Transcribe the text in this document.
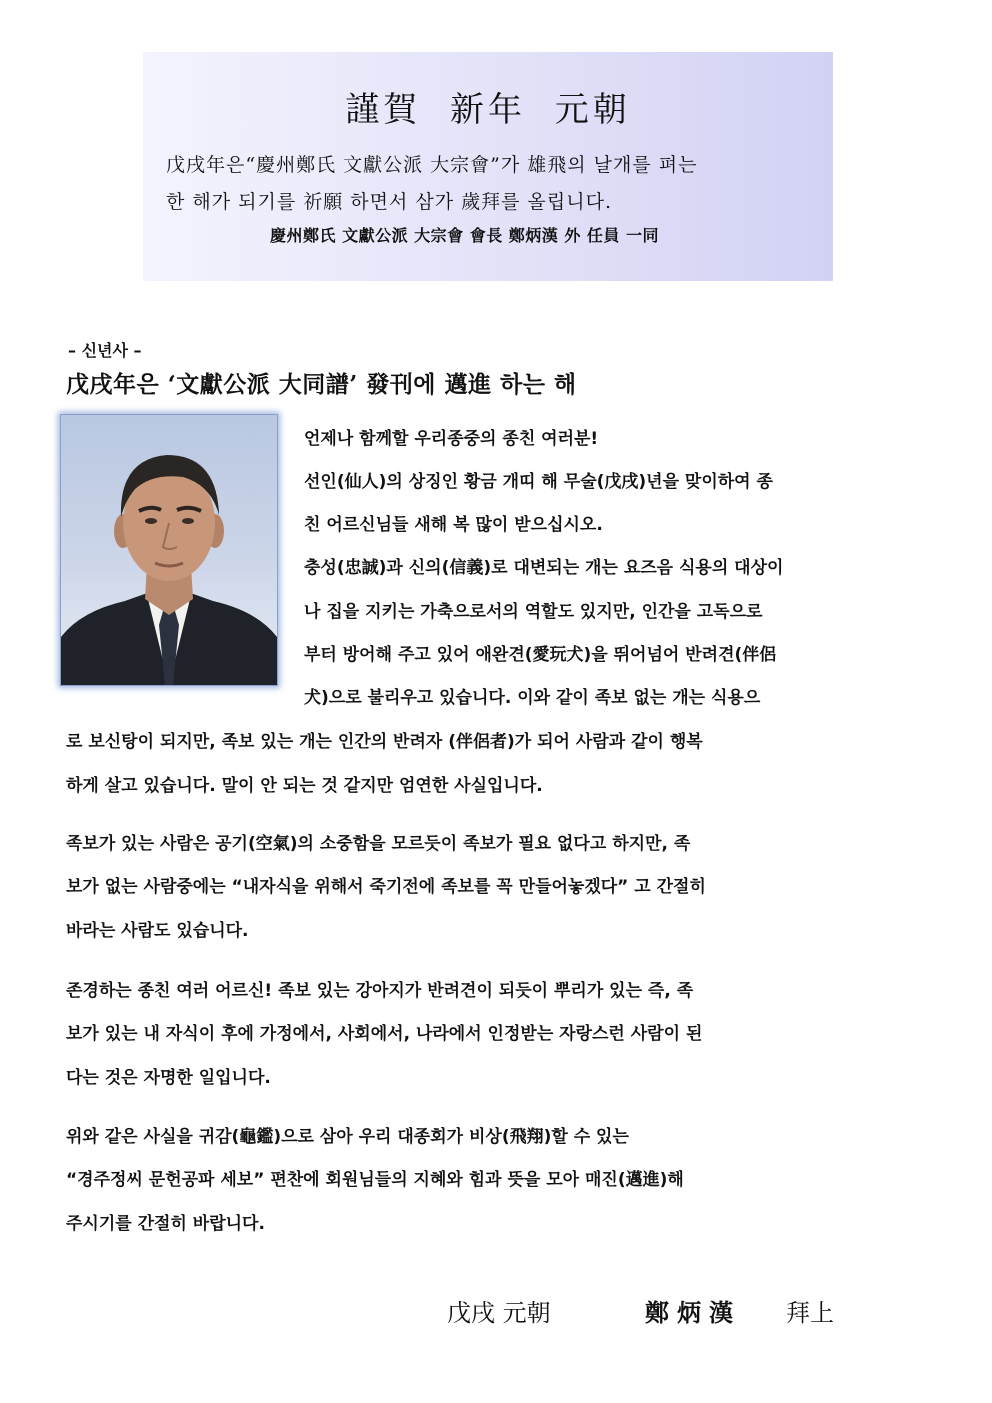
謹賀 新年 元朝
戊戌年은“慶州鄭氏 文獻公派 大宗會”가 雄飛의 날개를 펴는
한 해가 되기를 祈願 하면서 삼가 歲拜를 올립니다.
慶州鄭氏 文獻公派 大宗會 會長 鄭炳漢 外 任員 一同
– 신년사 –
戊戌年은 ‘文獻公派 大同譜’ 發刊에 邁進 하는 해
언제나 함께할 우리종중의 종친 여러분!
선인(仙人)의 상징인 황금 개띠 해 무술(戊戌)년을 맞이하여 종
친 어르신님들 새해 복 많이 받으십시오.
충성(忠誠)과 신의(信義)로 대변되는 개는 요즈음 식용의 대상이
나 집을 지키는 가축으로서의 역할도 있지만, 인간을 고독으로
부터 방어해 주고 있어 애완견(愛玩犬)을 뛰어넘어 반려견(伴侶
犬)으로 불리우고 있습니다. 이와 같이 족보 없는 개는 식용으
로 보신탕이 되지만, 족보 있는 개는 인간의 반려자 (伴侶者)가 되어 사람과 같이 행복
하게 살고 있습니다. 말이 안 되는 것 같지만 엄연한 사실입니다.
족보가 있는 사람은 공기(空氣)의 소중함을 모르듯이 족보가 필요 없다고 하지만, 족
보가 없는 사람중에는 “내자식을 위해서 죽기전에 족보를 꼭 만들어놓겠다” 고 간절히
바라는 사람도 있습니다.
존경하는 종친 여러 어르신! 족보 있는 강아지가 반려견이 되듯이 뿌리가 있는 즉, 족
보가 있는 내 자식이 후에 가정에서, 사회에서, 나라에서 인정받는 자랑스런 사람이 된
다는 것은 자명한 일입니다.
위와 같은 사실을 귀감(龜鑑)으로 삼아 우리 대종회가 비상(飛翔)할 수 있는
“경주정씨 문헌공파 세보” 편찬에 회원님들의 지혜와 힘과 뜻을 모아 매진(邁進)해
주시기를 간절히 바랍니다.
戊戌 元朝	鄭炳漢 拜上
